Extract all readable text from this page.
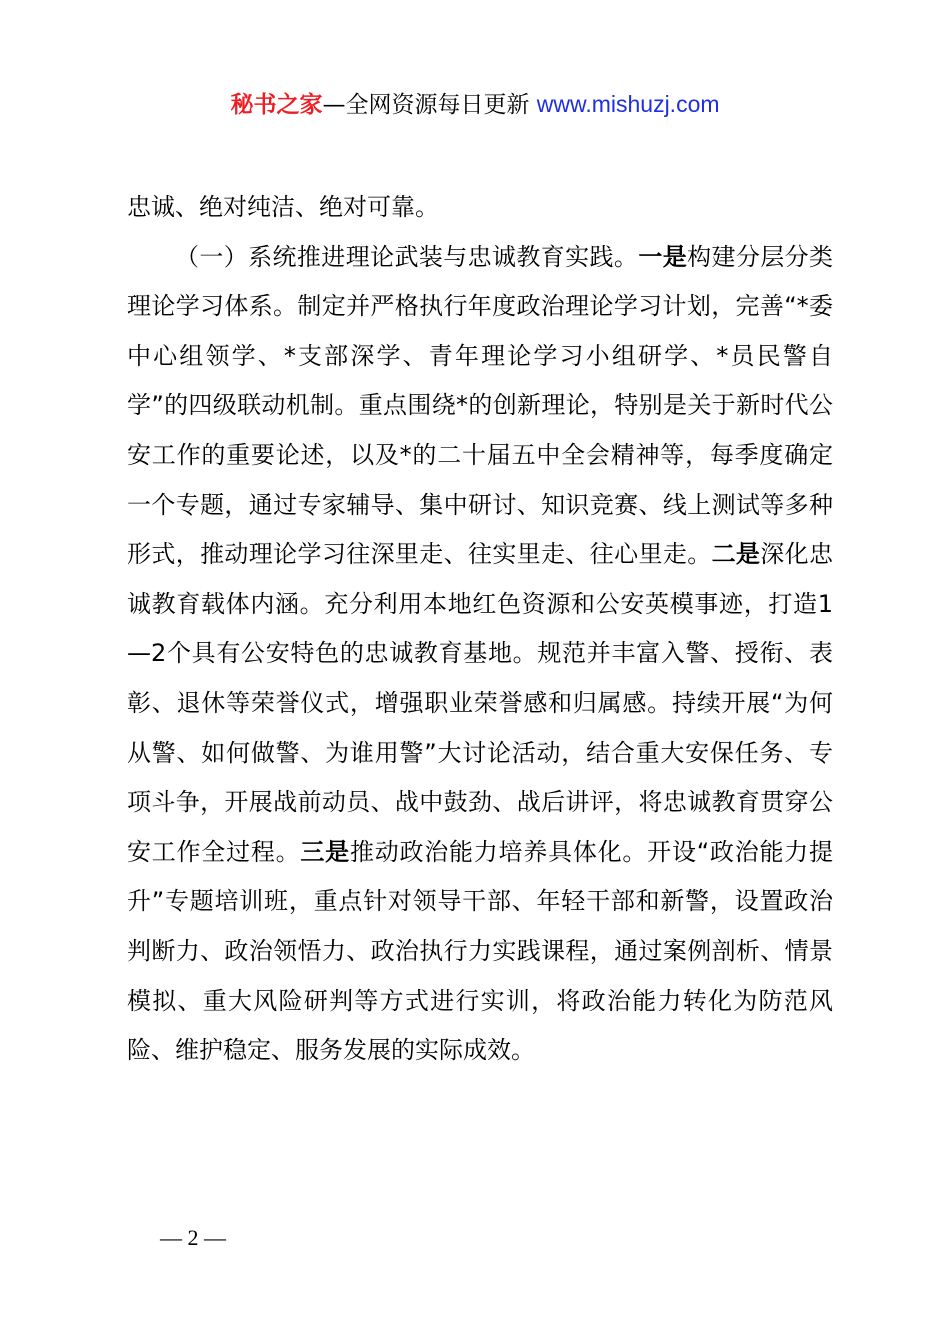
秘书之家—全网资源每日更新 www.mishuzj.com

忠诚、绝对纯洁、绝对可靠。

（一）系统推进理论武装与忠诚教育实践。一是构建分层分类理论学习体系。制定并严格执行年度政治理论学习计划，完善“*委中心组领学、*支部深学、青年理论学习小组研学、*员民警自学”的四级联动机制。重点围绕*的创新理论，特别是关于新时代公安工作的重要论述，以及*的二十届五中全会精神等，每季度确定一个专题，通过专家辅导、集中研讨、知识竞赛、线上测试等多种形式，推动理论学习往深里走、往实里走、往心里走。二是深化忠诚教育载体内涵。充分利用本地红色资源和公安英模事迹，打造1—2个具有公安特色的忠诚教育基地。规范并丰富入警、授衔、表彰、退休等荣誉仪式，增强职业荣誉感和归属感。持续开展“为何从警、如何做警、为谁用警”大讨论活动，结合重大安保任务、专项斗争，开展战前动员、战中鼓劲、战后讲评，将忠诚教育贯穿公安工作全过程。三是推动政治能力培养具体化。开设“政治能力提升”专题培训班，重点针对领导干部、年轻干部和新警，设置政治判断力、政治领悟力、政治执行力实践课程，通过案例剖析、情景模拟、重大风险研判等方式进行实训，将政治能力转化为防范风险、维护稳定、服务发展的实际成效。

— 2 —
